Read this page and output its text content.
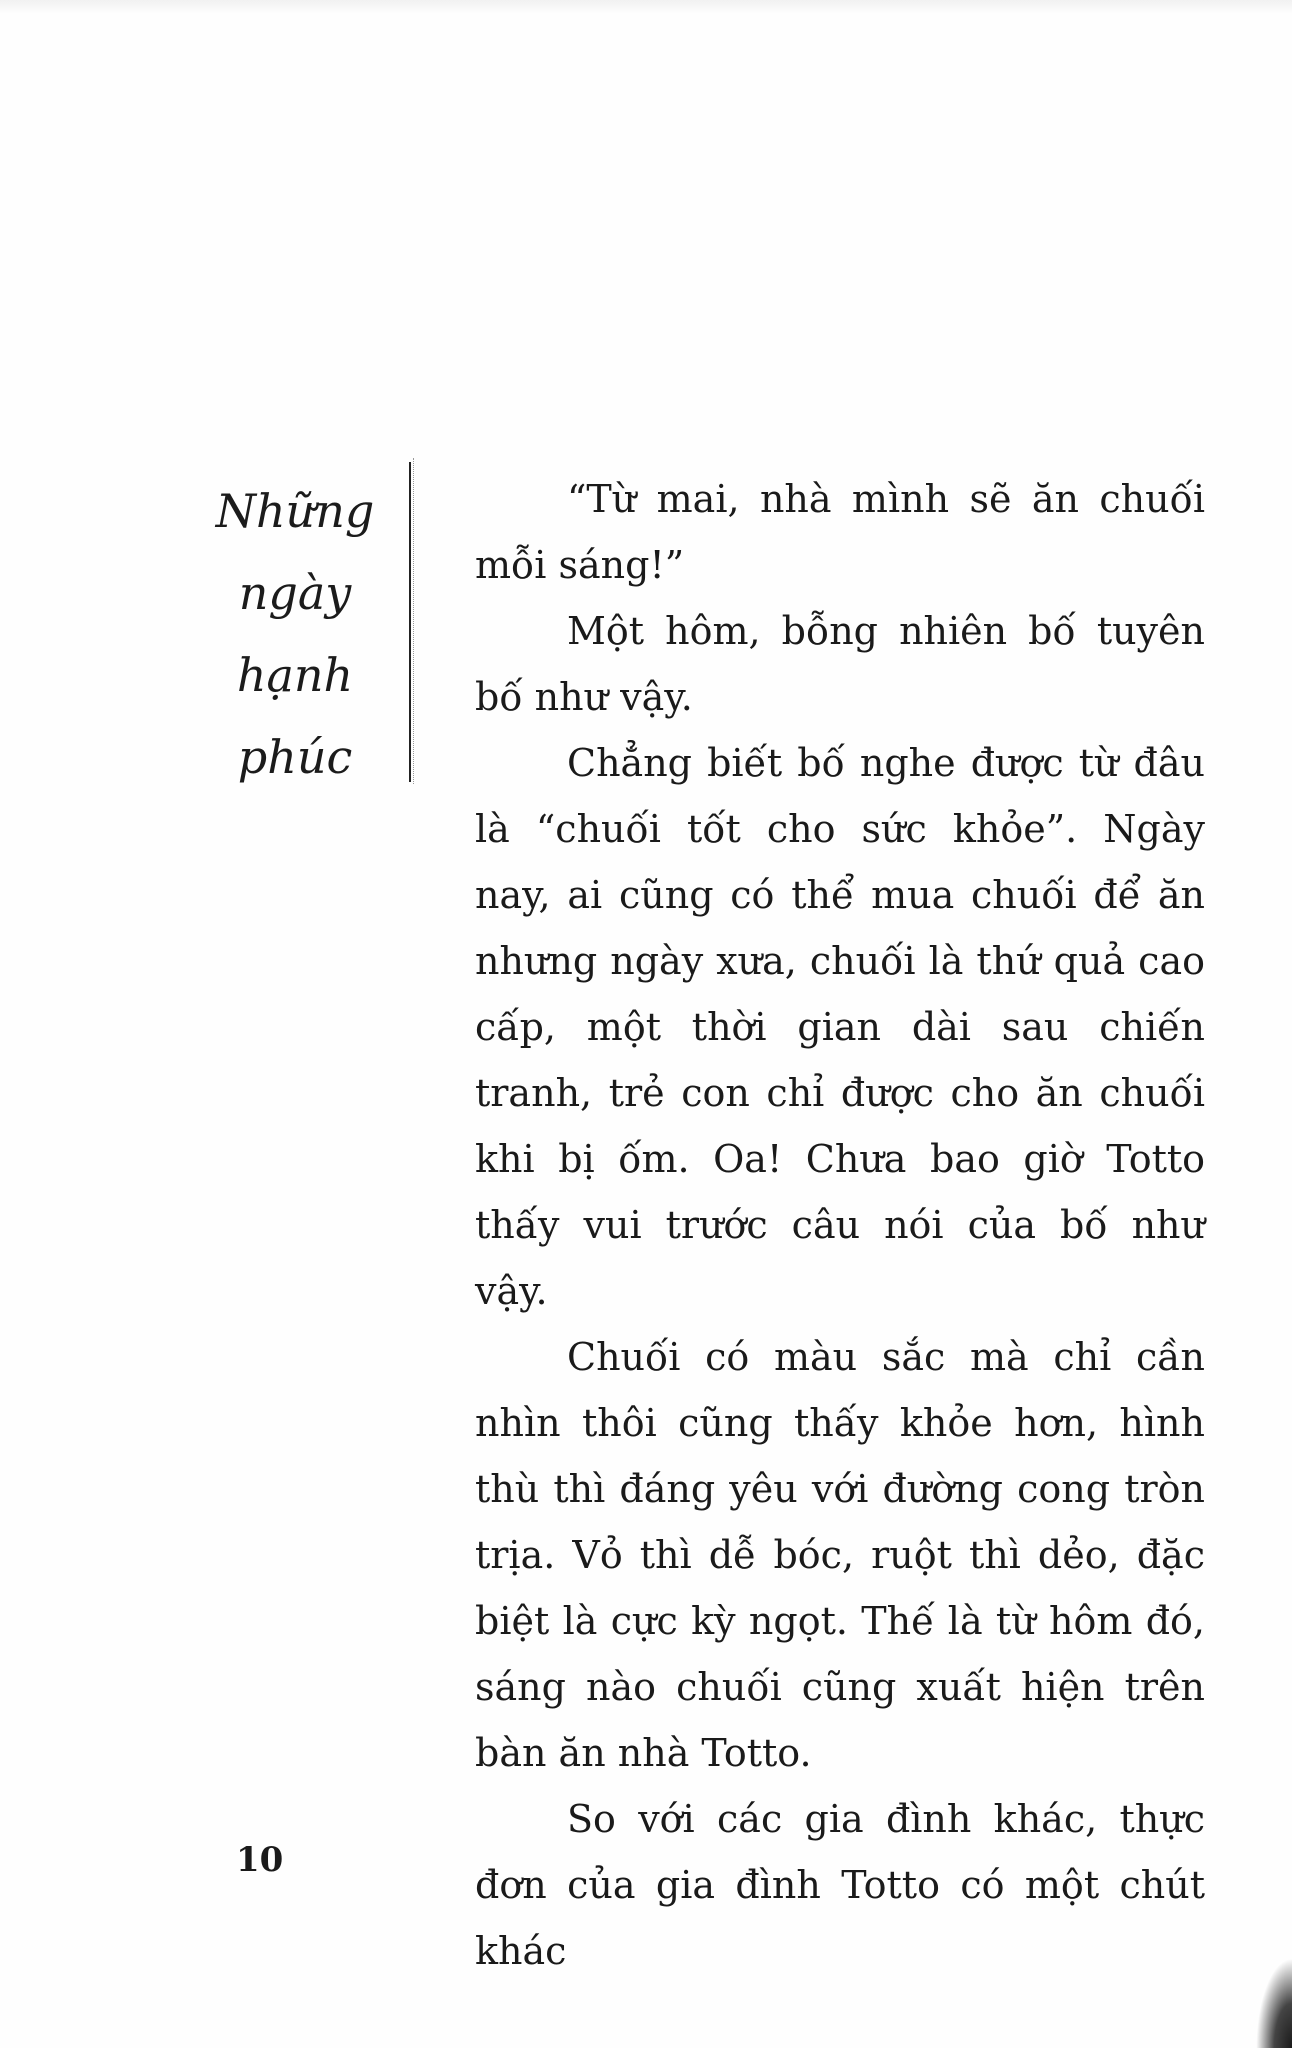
Những
ngày
hạnh
phúc

“Từ mai, nhà mình sẽ ăn chuối mỗi sáng!”

Một hôm, bỗng nhiên bố tuyên bố như vậy.

Chẳng biết bố nghe được từ đâu là “chuối tốt cho sức khỏe”. Ngày nay, ai cũng có thể mua chuối để ăn nhưng ngày xưa, chuối là thứ quả cao cấp, một thời gian dài sau chiến tranh, trẻ con chỉ được cho ăn chuối khi bị ốm. Oa! Chưa bao giờ Totto thấy vui trước câu nói của bố như vậy.

Chuối có màu sắc mà chỉ cần nhìn thôi cũng thấy khỏe hơn, hình thù thì đáng yêu với đường cong tròn trịa. Vỏ thì dễ bóc, ruột thì dẻo, đặc biệt là cực kỳ ngọt. Thế là từ hôm đó, sáng nào chuối cũng xuất hiện trên bàn ăn nhà Totto.

So với các gia đình khác, thực đơn của gia đình Totto có một chút khác

10
